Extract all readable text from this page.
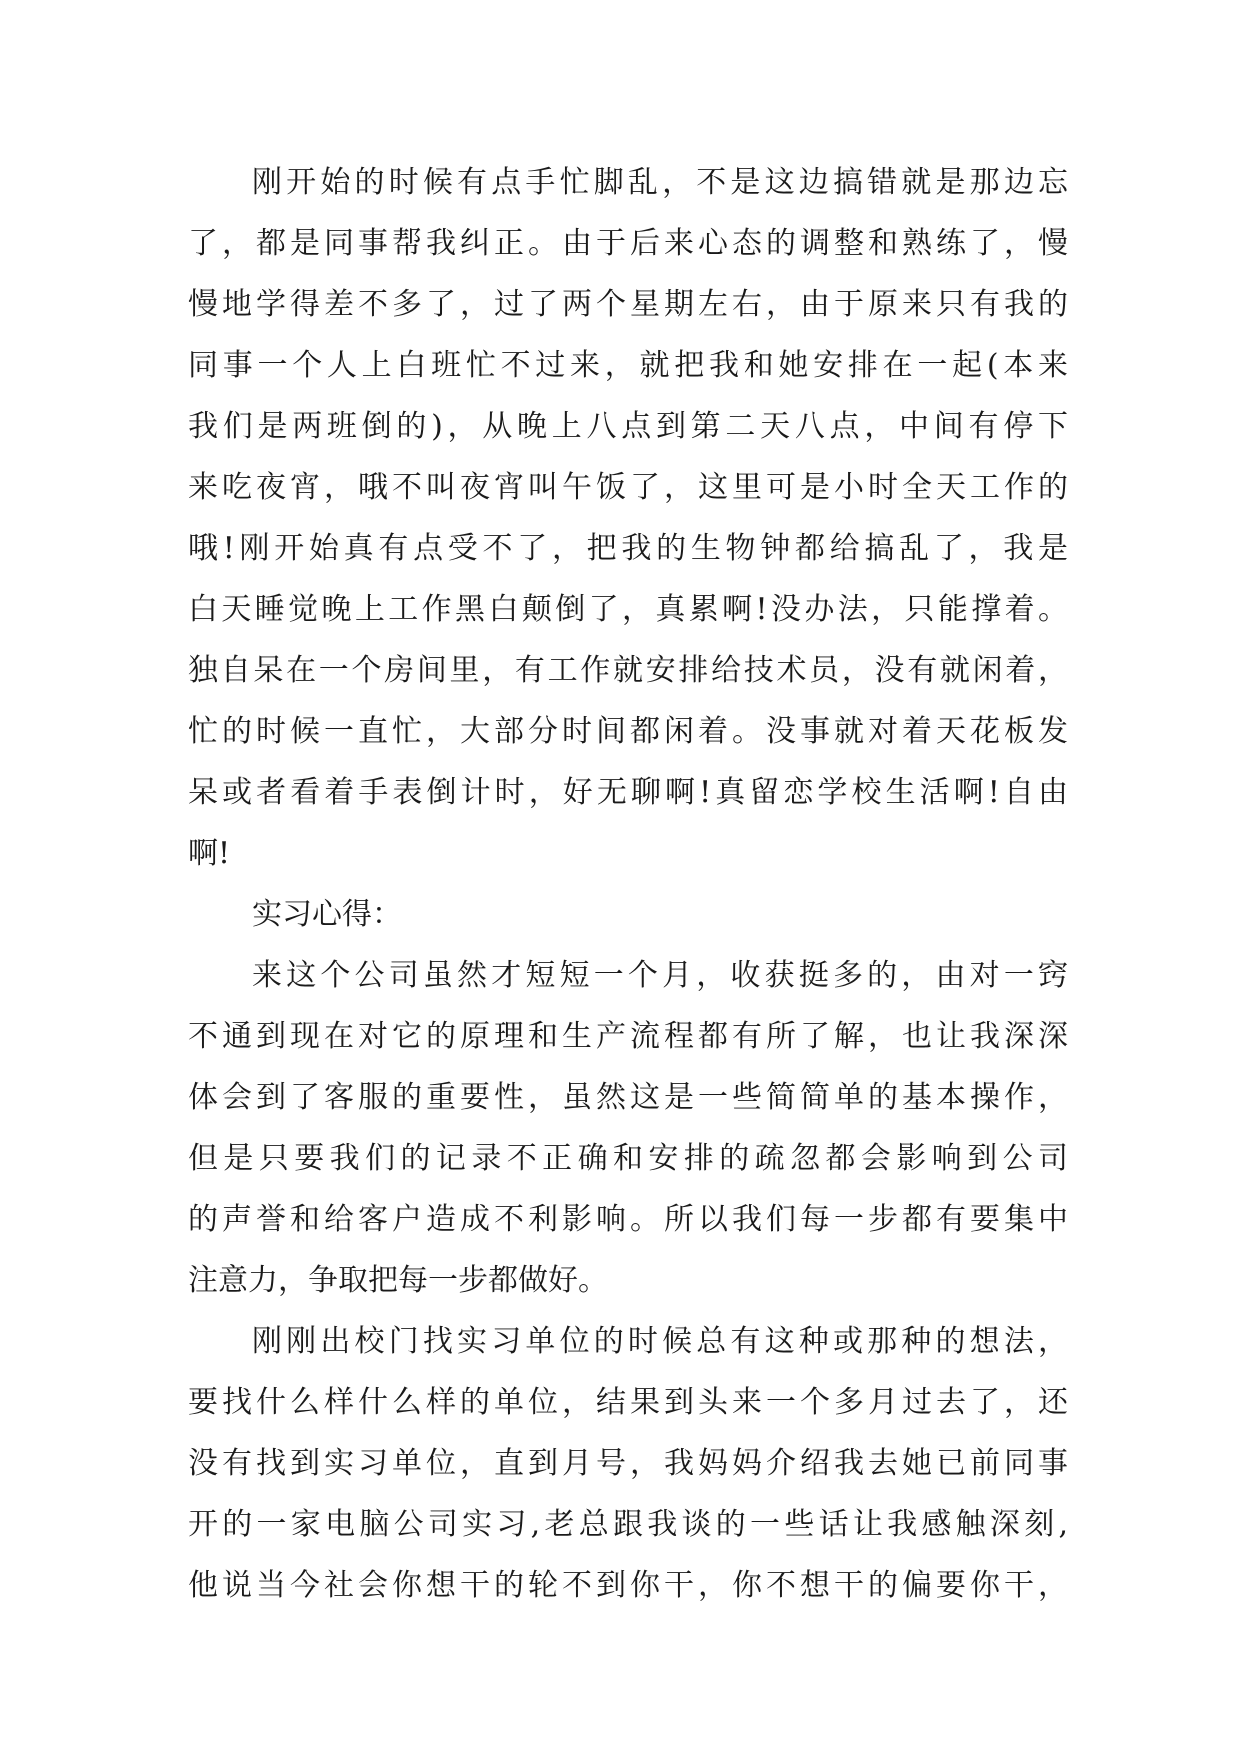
刚开始的时候有点手忙脚乱，不是这边搞错就是那边忘
了，都是同事帮我纠正。由于后来心态的调整和熟练了，慢
慢地学得差不多了，过了两个星期左右，由于原来只有我的
同事一个人上白班忙不过来，就把我和她安排在一起(本来
我们是两班倒的)，从晚上八点到第二天八点，中间有停下
来吃夜宵，哦不叫夜宵叫午饭了，这里可是小时全天工作的
哦!刚开始真有点受不了，把我的生物钟都给搞乱了，我是
白天睡觉晚上工作黑白颠倒了，真累啊!没办法，只能撑着。
独自呆在一个房间里，有工作就安排给技术员，没有就闲着，
忙的时候一直忙，大部分时间都闲着。没事就对着天花板发
呆或者看着手表倒计时，好无聊啊!真留恋学校生活啊!自由
啊!
实习心得：
来这个公司虽然才短短一个月，收获挺多的，由对一窍
不通到现在对它的原理和生产流程都有所了解，也让我深深
体会到了客服的重要性，虽然这是一些简简单的基本操作，
但是只要我们的记录不正确和安排的疏忽都会影响到公司
的声誉和给客户造成不利影响。所以我们每一步都有要集中
注意力，争取把每一步都做好。
刚刚出校门找实习单位的时候总有这种或那种的想法，
要找什么样什么样的单位，结果到头来一个多月过去了，还
没有找到实习单位，直到月号，我妈妈介绍我去她已前同事
开的一家电脑公司实习,老总跟我谈的一些话让我感触深刻,
他说当今社会你想干的轮不到你干，你不想干的偏要你干，
